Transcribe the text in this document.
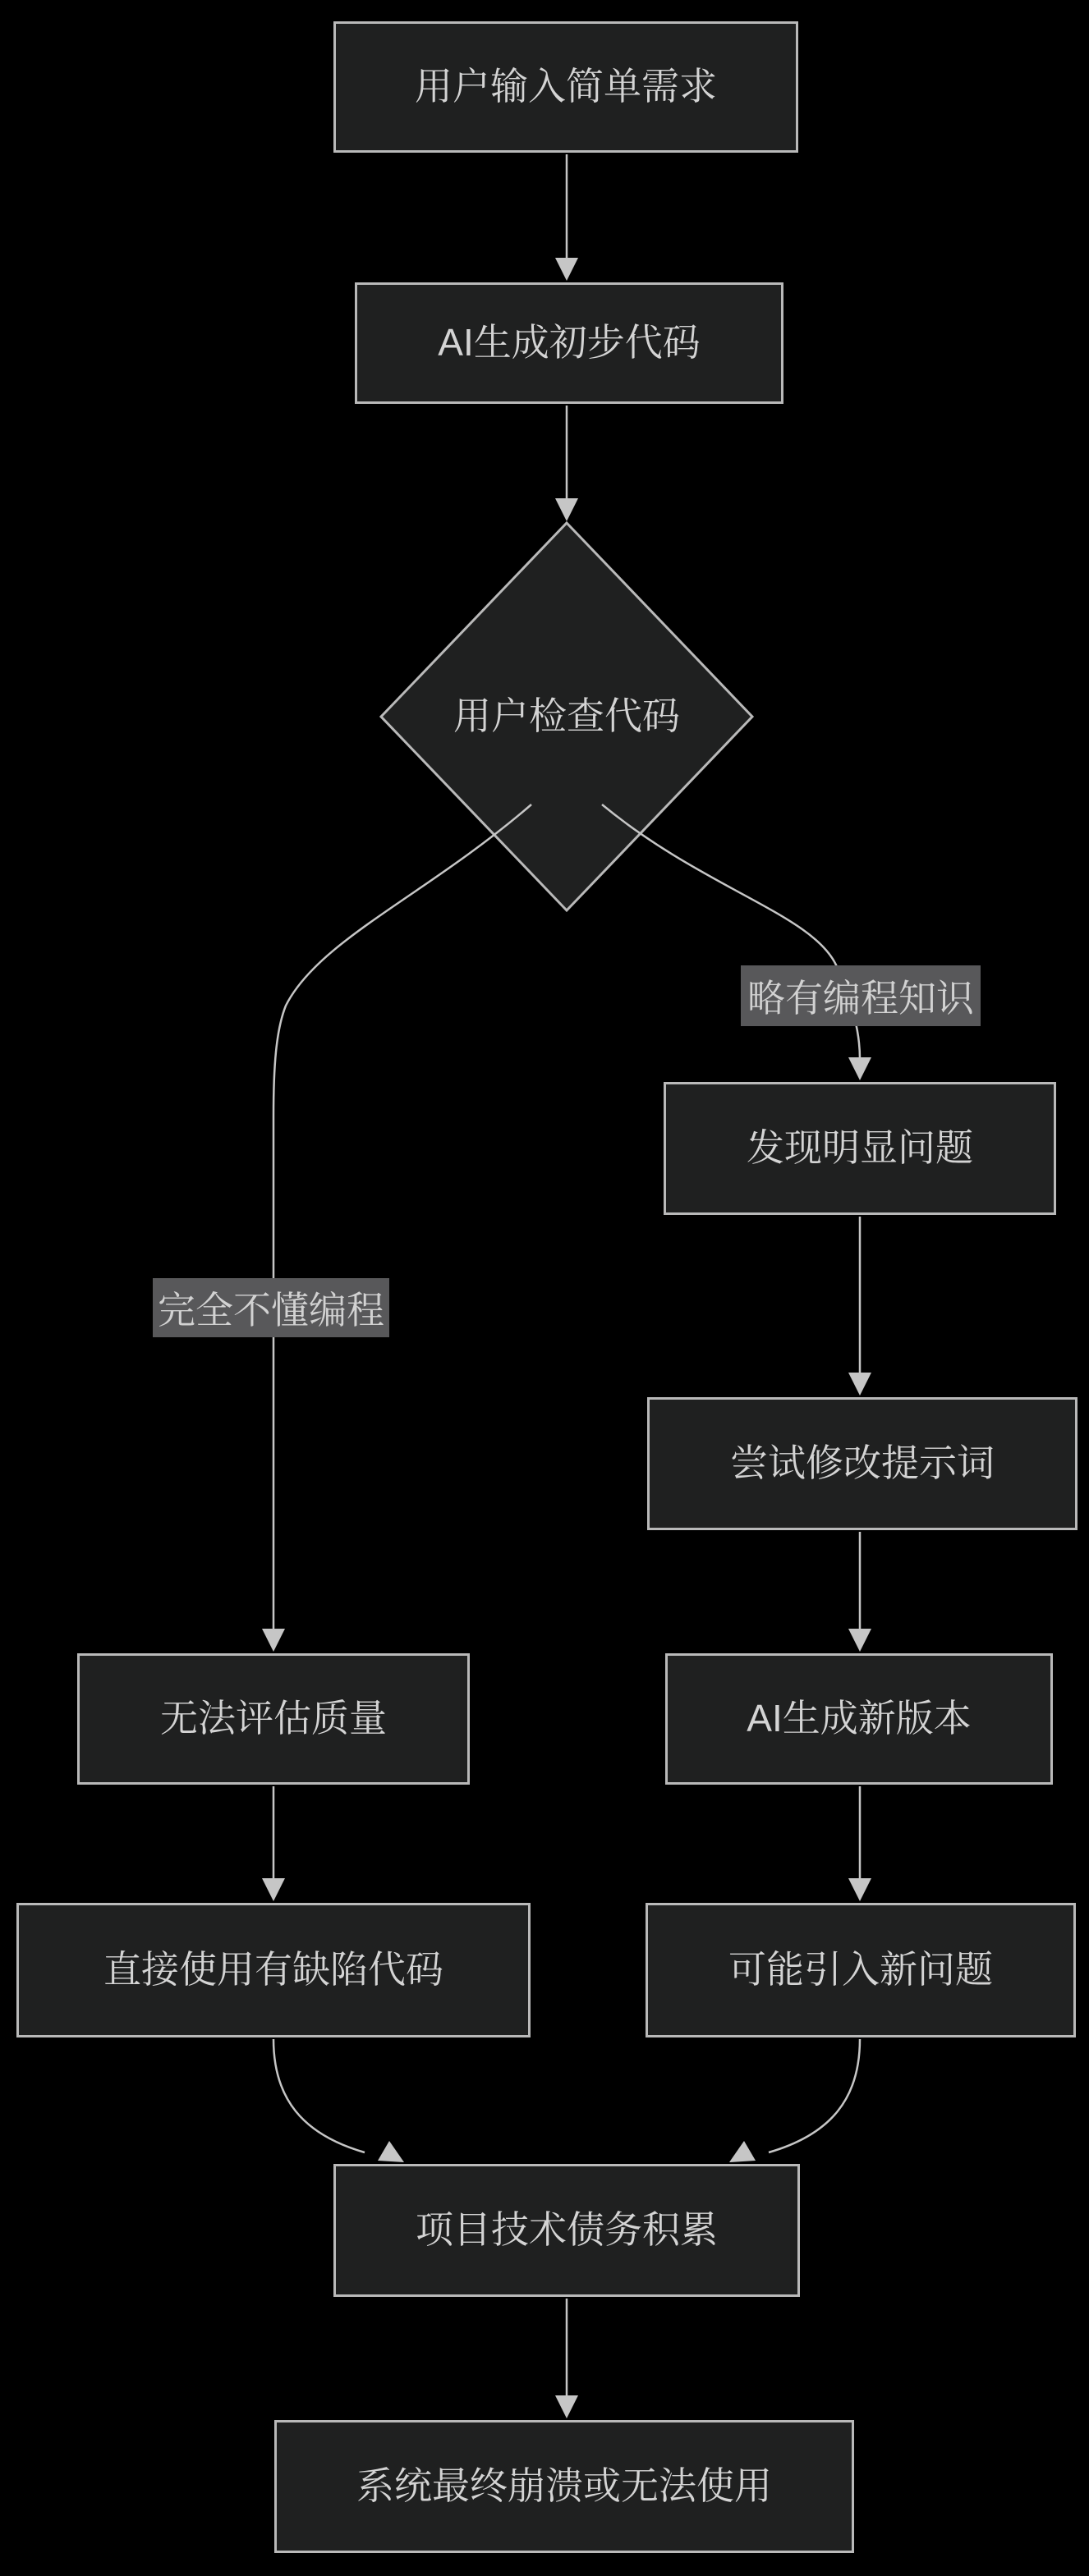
用户输入简单需求
AI生成初步代码
用户检查代码
发现明显问题
尝试修改提示词
AI生成新版本
可能引入新问题
无法评估质量
直接使用有缺陷代码
项目技术债务积累
系统最终崩溃或无法使用
略有编程知识
完全不懂编程
